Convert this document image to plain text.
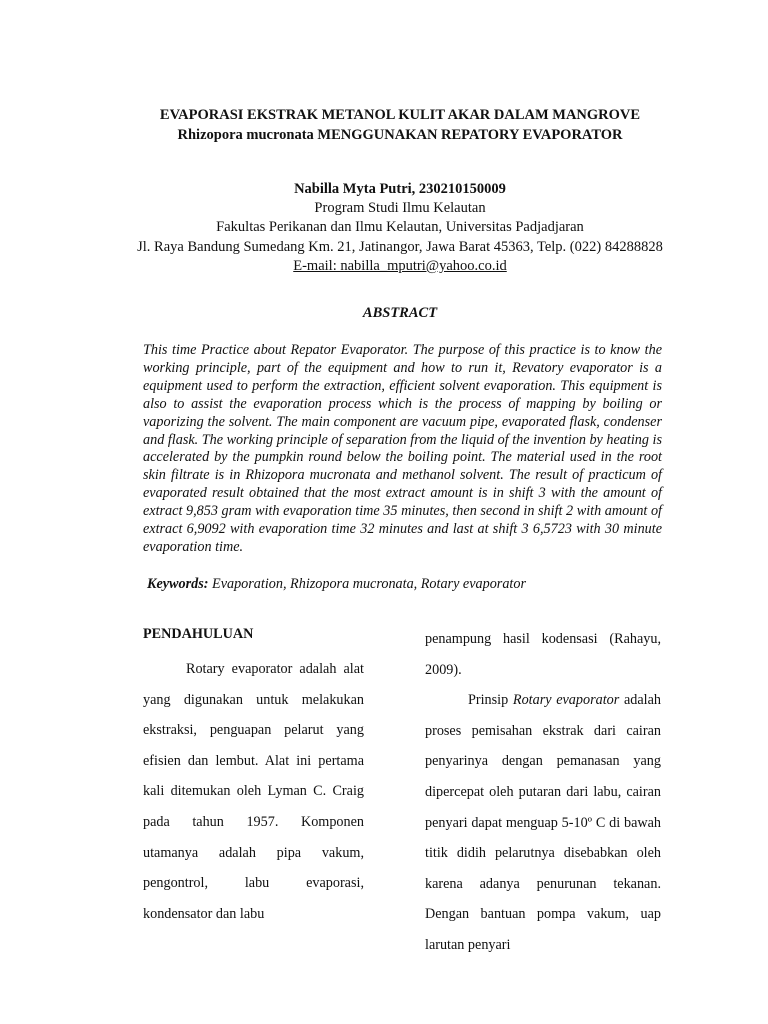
EVAPORASI EKSTRAK METANOL KULIT AKAR DALAM MANGROVE
Rhizopora mucronata MENGGUNAKAN REPATORY EVAPORATOR
Nabilla Myta Putri, 230210150009
Program Studi Ilmu Kelautan
Fakultas Perikanan dan Ilmu Kelautan, Universitas Padjadjaran
Jl. Raya Bandung Sumedang Km. 21, Jatinangor, Jawa Barat 45363, Telp. (022) 84288828
E-mail: nabilla_mputri@yahoo.co.id
ABSTRACT
This time Practice about Repator Evaporator. The purpose of this practice is to know the working principle, part of the equipment and how to run it, Revatory evaporator is a equipment used to perform the extraction, efficient solvent evaporation. This equipment is also to assist the evaporation process which is the process of mapping by boiling or vaporizing the solvent. The main component are vacuum pipe, evaporated flask, condenser and flask. The working principle of separation from the liquid of the invention by heating is accelerated by the pumpkin round below the boiling point. The material used in the root skin filtrate is in Rhizopora mucronata and methanol solvent. The result of practicum of evaporated result obtained that the most extract amount is in shift 3 with the amount of extract 9,853 gram with evaporation time 35 minutes, then second in shift 2 with amount of extract 6,9092 with evaporation time 32 minutes and last at shift 3 6,5723 with 30 minute evaporation time.
Keywords: Evaporation, Rhizopora mucronata, Rotary evaporator
PENDAHULUAN

Rotary evaporator adalah alat yang digunakan untuk melakukan ekstraksi, penguapan pelarut yang efisien dan lembut. Alat ini pertama kali ditemukan oleh Lyman C. Craig pada tahun 1957. Komponen utamanya adalah pipa vakum, pengontrol, labu evaporasi, kondensator dan labu

penampung hasil kodensasi (Rahayu, 2009).

Prinsip Rotary evaporator adalah proses pemisahan ekstrak dari cairan penyarinya dengan pemanasan yang dipercepat oleh putaran dari labu, cairan penyari dapat menguap 5-10º C di bawah titik didih pelarutnya disebabkan oleh karena adanya penurunan tekanan. Dengan bantuan pompa vakum, uap larutan penyari
